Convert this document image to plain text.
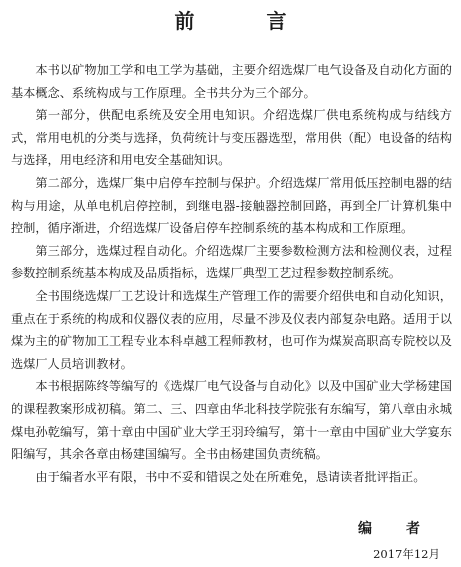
前　言

本书以矿物加工学和电工学为基础，主要介绍选煤厂电气设备及自动化方面的基本概念、系统构成与工作原理。全书共分为三个部分。

第一部分，供配电系统及安全用电知识。介绍选煤厂供电系统构成与结线方式，常用电机的分类与选择，负荷统计与变压器选型，常用供（配）电设备的结构与选择，用电经济和用电安全基础知识。

第二部分，选煤厂集中启停车控制与保护。介绍选煤厂常用低压控制电器的结构与用途，从单电机启停控制，到继电器-接触器控制回路，再到全厂计算机集中控制，循序渐进，介绍选煤厂设备启停车控制系统的基本构成和工作原理。

第三部分，选煤过程自动化。介绍选煤厂主要参数检测方法和检测仪表，过程参数控制系统基本构成及品质指标，选煤厂典型工艺过程参数控制系统。

全书围绕选煤厂工艺设计和选煤生产管理工作的需要介绍供电和自动化知识，重点在于系统的构成和仪器仪表的应用，尽量不涉及仪表内部复杂电路。适用于以煤为主的矿物加工工程专业本科卓越工程师教材，也可作为煤炭高职高专院校以及选煤厂人员培训教材。

本书根据陈终等编写的《选煤厂电气设备与自动化》以及中国矿业大学杨建国的课程教案形成初稿。第二、三、四章由华北科技学院张有东编写，第八章由永城煤电孙乾编写，第十章由中国矿业大学王羽玲编写，第十一章由中国矿业大学宴东阳编写，其余各章由杨建国编写。全书由杨建国负责统稿。

由于编者水平有限，书中不妥和错误之处在所难免，恳请读者批评指正。

编　者
2017年12月
